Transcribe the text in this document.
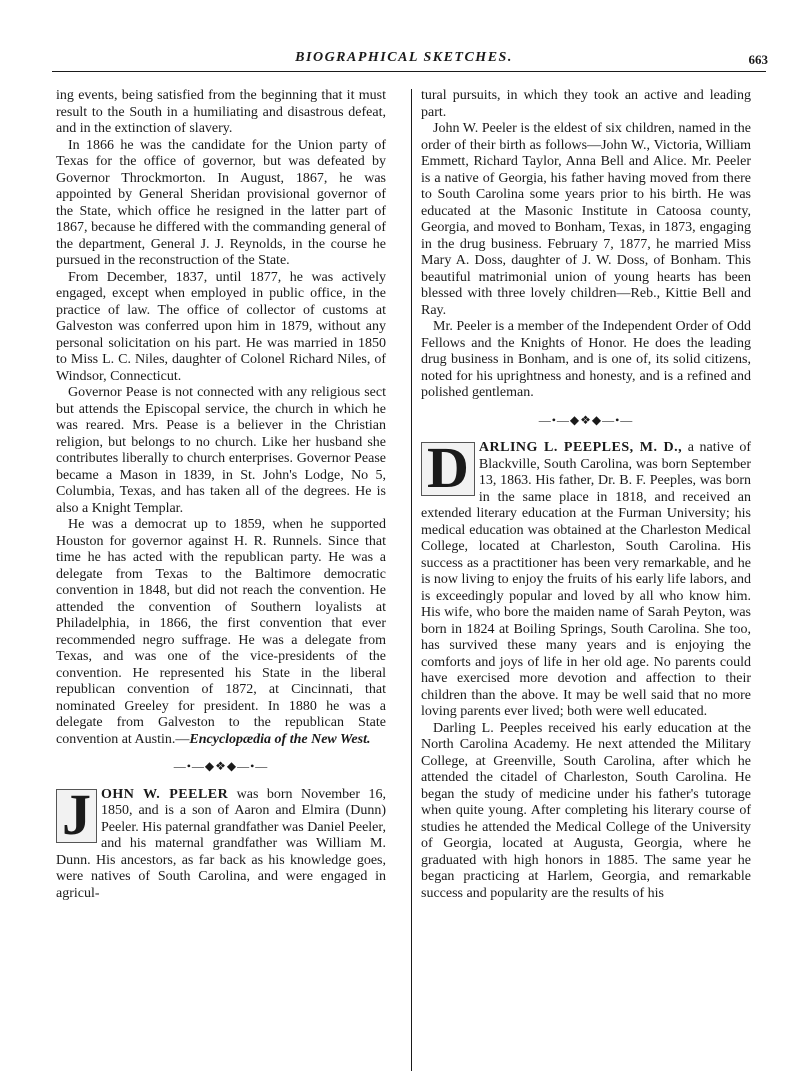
BIOGRAPHICAL SKETCHES.	663

ing events, being satisfied from the beginning that it must result to the South in a humiliating and disastrous defeat, and in the extinction of slavery.

In 1866 he was the candidate for the Union party of Texas for the office of governor, but was defeated by Governor Throckmorton. In August, 1867, he was appointed by General Sheridan provisional governor of the State, which office he resigned in the latter part of 1867, because he differed with the commanding general of the department, General J. J. Reynolds, in the course he pursued in the reconstruction of the State.

From December, 1837, until 1877, he was actively engaged, except when employed in public office, in the practice of law. The office of collector of customs at Galveston was conferred upon him in 1879, without any personal solicitation on his part. He was married in 1850 to Miss L. C. Niles, daughter of Colonel Richard Niles, of Windsor, Connecticut.

Governor Pease is not connected with any religious sect but attends the Episcopal service, the church in which he was reared. Mrs. Pease is a believer in the Christian religion, but belongs to no church. Like her husband she contributes liberally to church enterprises. Governor Pease became a Mason in 1839, in St. John's Lodge, No 5, Columbia, Texas, and has taken all of the degrees. He is also a Knight Templar.

He was a democrat up to 1859, when he supported Houston for governor against H. R. Runnels. Since that time he has acted with the republican party. He was a delegate from Texas to the Baltimore democratic convention in 1848, but did not reach the convention. He attended the convention of Southern loyalists at Philadelphia, in 1866, the first convention that ever recommended negro suffrage. He was a delegate from Texas, and was one of the vice-presidents of the convention. He represented his State in the liberal republican convention of 1872, at Cincinnati, that nominated Greeley for president. In 1880 he was a delegate from Galveston to the republican State convention at Austin.—Encyclopædia of the New West.

—•—◆❖◆—•—

J OHN W. PEELER was born November 16, 1850, and is a son of Aaron and Elmira (Dunn) Peeler. His paternal grandfather was Daniel Peeler, and his maternal grandfather was William M. Dunn. His ancestors, as far back as his knowledge goes, were natives of South Carolina, and were engaged in agricul-

tural pursuits, in which they took an active and leading part.

John W. Peeler is the eldest of six children, named in the order of their birth as follows—John W., Victoria, William Emmett, Richard Taylor, Anna Bell and Alice. Mr. Peeler is a native of Georgia, his father having moved from there to South Carolina some years prior to his birth. He was educated at the Masonic Institute in Catoosa county, Georgia, and moved to Bonham, Texas, in 1873, engaging in the drug business. February 7, 1877, he married Miss Mary A. Doss, daughter of J. W. Doss, of Bonham. This beautiful matrimonial union of young hearts has been blessed with three lovely children—Reb., Kittie Bell and Ray.

Mr. Peeler is a member of the Independent Order of Odd Fellows and the Knights of Honor. He does the leading drug business in Bonham, and is one of, its solid citizens, noted for his uprightness and honesty, and is a refined and polished gentleman.

—•—◆❖◆—•—

D ARLING L. PEEPLES, M. D., a native of Blackville, South Carolina, was born September 13, 1863. His father, Dr. B. F. Peeples, was born in the same place in 1818, and received an extended literary education at the Furman University; his medical education was obtained at the Charleston Medical College, located at Charleston, South Carolina. His success as a practitioner has been very remarkable, and he is now living to enjoy the fruits of his early life labors, and is exceedingly popular and loved by all who know him. His wife, who bore the maiden name of Sarah Peyton, was born in 1824 at Boiling Springs, South Carolina. She too, has survived these many years and is enjoying the comforts and joys of life in her old age. No parents could have exercised more devotion and affection to their children than the above. It may be well said that no more loving parents ever lived; both were well educated.

Darling L. Peeples received his early education at the North Carolina Academy. He next attended the Military College, at Greenville, South Carolina, after which he attended the citadel of Charleston, South Carolina. He began the study of medicine under his father's tutorage when quite young. After completing his literary course of studies he attended the Medical College of the University of Georgia, located at Augusta, Georgia, where he graduated with high honors in 1885. The same year he began practicing at Harlem, Georgia, and remarkable success and popularity are the results of his
